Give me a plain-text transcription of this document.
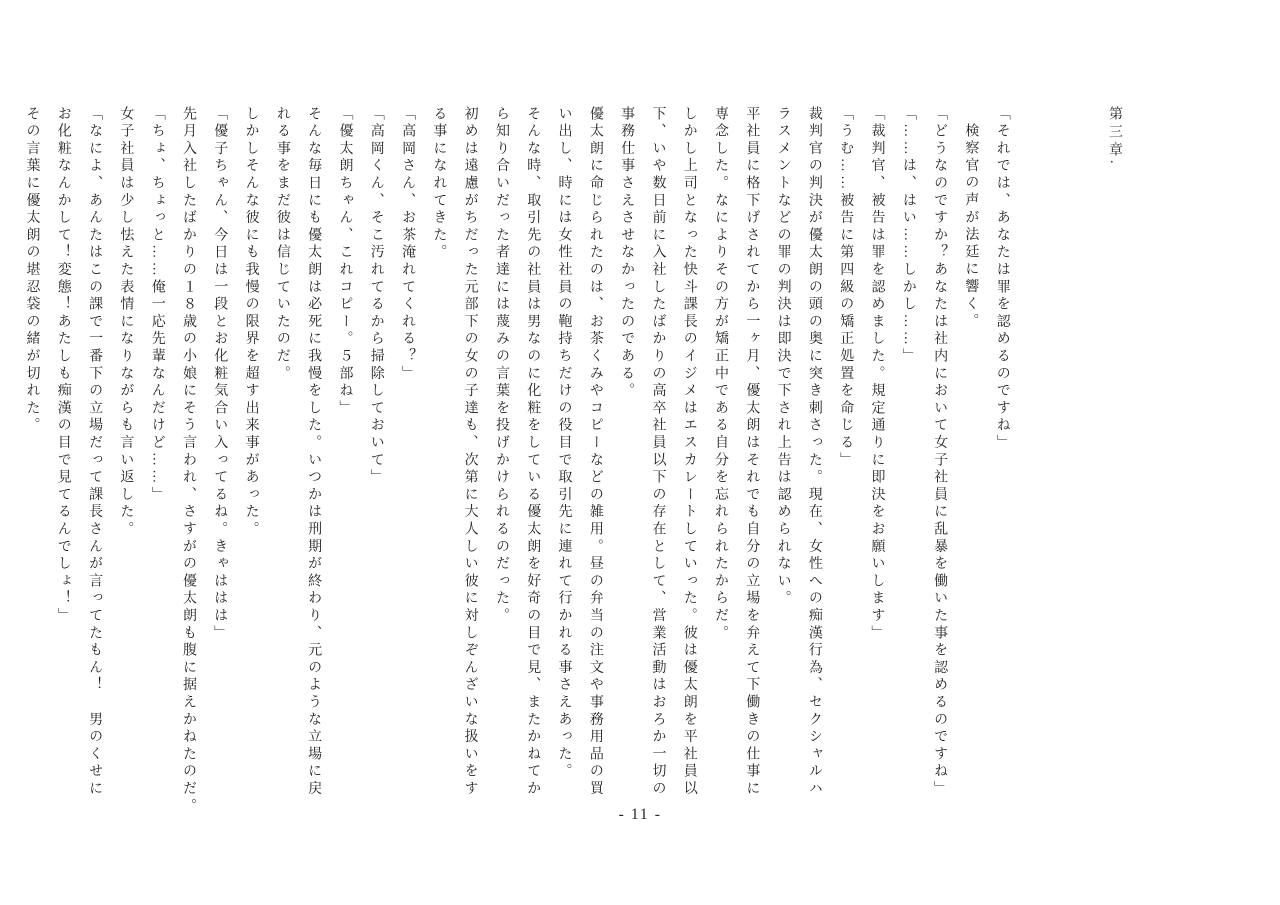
第三章.

「それでは、あなたは罪を認めるのですね」
検察官の声が法廷に響く。
「どうなのですか？あなたは社内において女子社員に乱暴を働いた事を認めるのですね」
「……は、はい……しかし……」
「裁判官、被告は罪を認めました。規定通りに即決をお願いします」
「うむ……被告に第四級の矯正処置を命じる」
裁判官の判決が優太朗の頭の奥に突き刺さった。現在、女性への痴漢行為、セクシャルハ
ラスメントなどの罪の判決は即決で下され上告は認められない。
平社員に格下げされてから一ヶ月、優太朗はそれでも自分の立場を弁えて下働きの仕事に
専念した。なによりその方が矯正中である自分を忘れられたからだ。
しかし上司となった快斗課長のイジメはエスカレートしていった。彼は優太朗を平社員以
下、いや数日前に入社したばかりの高卒社員以下の存在として、営業活動はおろか一切の
事務仕事さえさせなかったのである。
優太朗に命じられたのは、お茶くみやコピーなどの雑用。昼の弁当の注文や事務用品の買
い出し、時には女性社員の鞄持ちだけの役目で取引先に連れて行かれる事さえあった。
そんな時、取引先の社員は男なのに化粧をしている優太朗を好奇の目で見、またかねてか
ら知り合いだった者達には蔑みの言葉を投げかけられるのだった。
初めは遠慮がちだった元部下の女の子達も、次第に大人しい彼に対しぞんざいな扱いをす
る事になれてきた。
「高岡さん、お茶淹れてくれる？」
「高岡くん、そこ汚れてるから掃除しておいて」
「優太朗ちゃん、これコピー。５部ね」
そんな毎日にも優太朗は必死に我慢をした。いつかは刑期が終わり、元のような立場に戻
れる事をまだ彼は信じていたのだ。
しかしそんな彼にも我慢の限界を超す出来事があった。
「優子ちゃん、今日は一段とお化粧気合い入ってるね。きゃははは」
先月入社したばかりの１８歳の小娘にそう言われ、さすがの優太朗も腹に据えかねたのだ。
「ちょ、ちょっと……俺一応先輩なんだけど……」
女子社員は少し怯えた表情になりながらも言い返した。
「なによ、あんたはこの課で一番下の立場だって課長さんが言ってたもん！　男のくせに
お化粧なんかして！変態！あたしも痴漢の目で見てるんでしょ！」
その言葉に優太朗の堪忍袋の緒が切れた。
- 11 -
